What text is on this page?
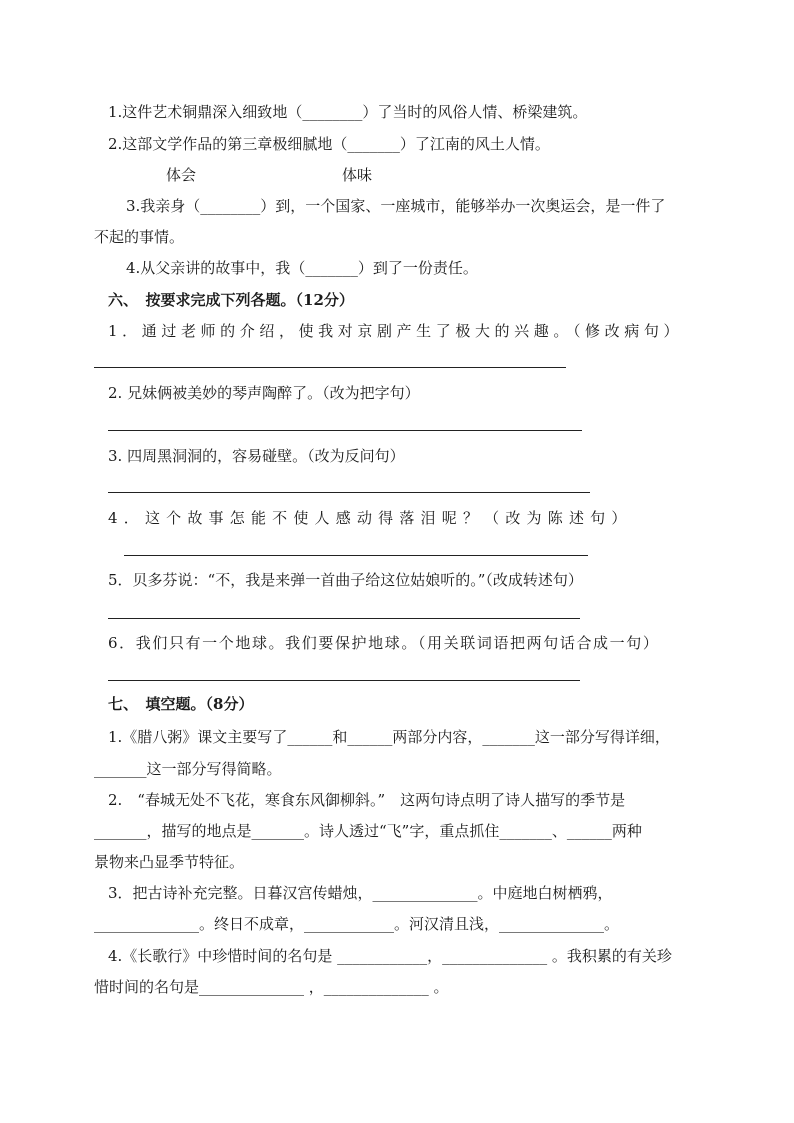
1.这件艺术铜鼎深入细致地（________）了当时的风俗人情、桥梁建筑。
2.这部文学作品的第三章极细腻地（_______）了江南的风土人情。
体会	体味
3.我亲身（________）到，一个国家、一座城市，能够举办一次奥运会，是一件了
不起的事情。
4.从父亲讲的故事中，我（_______）到了一份责任。
六、　按要求完成下列各题。（12分）
1．通过老师的介绍，使我对京剧产生了极大的兴趣。（修改病句）
2. 兄妹俩被美妙的琴声陶醉了。（改为把字句）
3. 四周黑洞洞的，容易碰壁。（改为反问句）
4．这个故事怎能不使人感动得落泪呢？（改为陈述句）
5．贝多芬说：“不，我是来弹一首曲子给这位姑娘听的。”（改成转述句）
6．我们只有一个地球。我们要保护地球。（用关联词语把两句话合成一句）
七、　填空题。（8分）
1.《腊八粥》课文主要写了______和______两部分内容，_______这一部分写得详细，
_______这一部分写得简略。
2.　“春城无处不飞花，寒食东风御柳斜。”　这两句诗点明了诗人描写的季节是
_______，描写的地点是_______。诗人透过“飞”字，重点抓住_______、______两种
景物来凸显季节特征。
3．把古诗补充完整。日暮汉宫传蜡烛，______________。中庭地白树栖鸦，
______________。终日不成章，____________。河汉清且浅，______________。
4.《长歌行》中珍惜时间的名句是 ____________，______________ 。我积累的有关珍
惜时间的名句是______________ ，______________ 。
